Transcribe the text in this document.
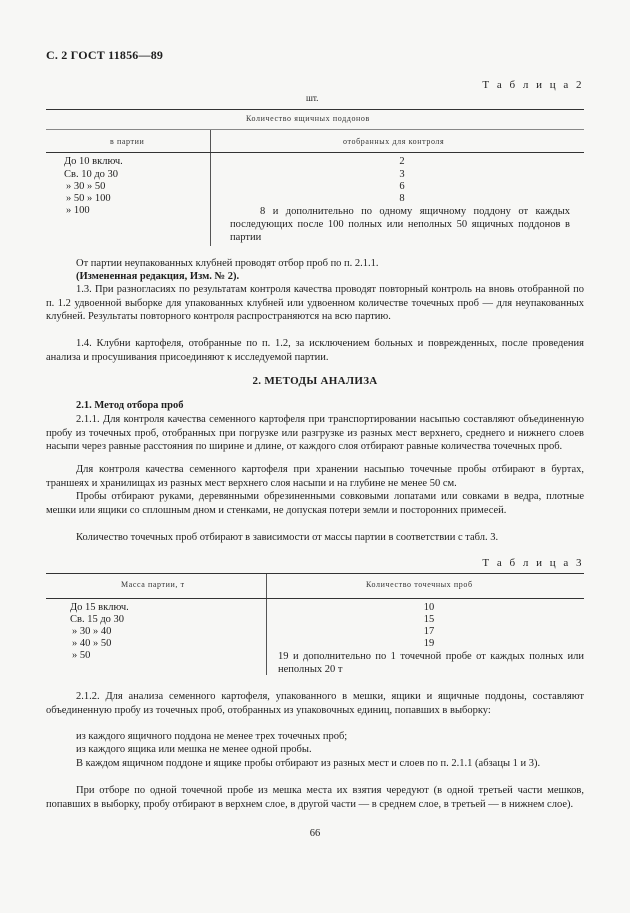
С. 2 ГОСТ 11856—89
Т а б л и ц а 2
шт.
Количество ящичных поддонов
в партии	отобранных для контроля
До 10 включ.	2
Св. 10 до 30	3
» 30 » 50	6
» 50 » 100	8
» 100	8 и дополнительно по одному ящичному поддону от каждых последующих после 100 полных или неполных 50 ящичных поддонов в партии
От партии неупакованных клубней проводят отбор проб по п. 2.1.1.
(Измененная редакция, Изм. № 2).
1.3. При разногласиях по результатам контроля качества проводят повторный контроль на вновь отобранной по п. 1.2 удвоенной выборке для упакованных клубней или удвоенном количестве точечных проб — для неупакованных клубней. Результаты повторного контроля распространяются на всю партию.
1.4. Клубни картофеля, отобранные по п. 1.2, за исключением больных и поврежденных, после проведения анализа и просушивания присоединяют к исследуемой партии.
2. МЕТОДЫ АНАЛИЗА
2.1. Метод отбора проб
2.1.1. Для контроля качества семенного картофеля при транспортировании насыпью составляют объединенную пробу из точечных проб, отобранных при погрузке или разгрузке из разных мест верхнего, среднего и нижнего слоев насыпи через равные расстояния по ширине и длине, от каждого слоя отбирают равные количества точечных проб.
Для контроля качества семенного картофеля при хранении насыпью точечные пробы отбирают в буртах, траншеях и хранилищах из разных мест верхнего слоя насыпи и на глубине не менее 50 см.
Пробы отбирают руками, деревянными обрезиненными совковыми лопатами или совками в ведра, плотные мешки или ящики со сплошным дном и стенками, не допуская потери земли и посторонних примесей.
Количество точечных проб отбирают в зависимости от массы партии в соответствии с табл. 3.
Т а б л и ц а 3
Масса партии, т	Количество точечных проб
До 15 включ.	10
Св. 15 до 30	15
» 30 » 40	17
» 40 » 50	19
» 50	19 и дополнительно по 1 точечной пробе от каждых полных или неполных 20 т
2.1.2. Для анализа семенного картофеля, упакованного в мешки, ящики и ящичные поддоны, составляют объединенную пробу из точечных проб, отобранных из упаковочных единиц, попавших в выборку:
из каждого ящичного поддона не менее трех точечных проб;
из каждого ящика или мешка не менее одной пробы.
В каждом ящичном поддоне и ящике пробы отбирают из разных мест и слоев по п. 2.1.1 (абзацы 1 и 3).
При отборе по одной точечной пробе из мешка места их взятия чередуют (в одной третьей части мешков, попавших в выборку, пробу отбирают в верхнем слое, в другой части — в среднем слое, в третьей — в нижнем слое).
66
